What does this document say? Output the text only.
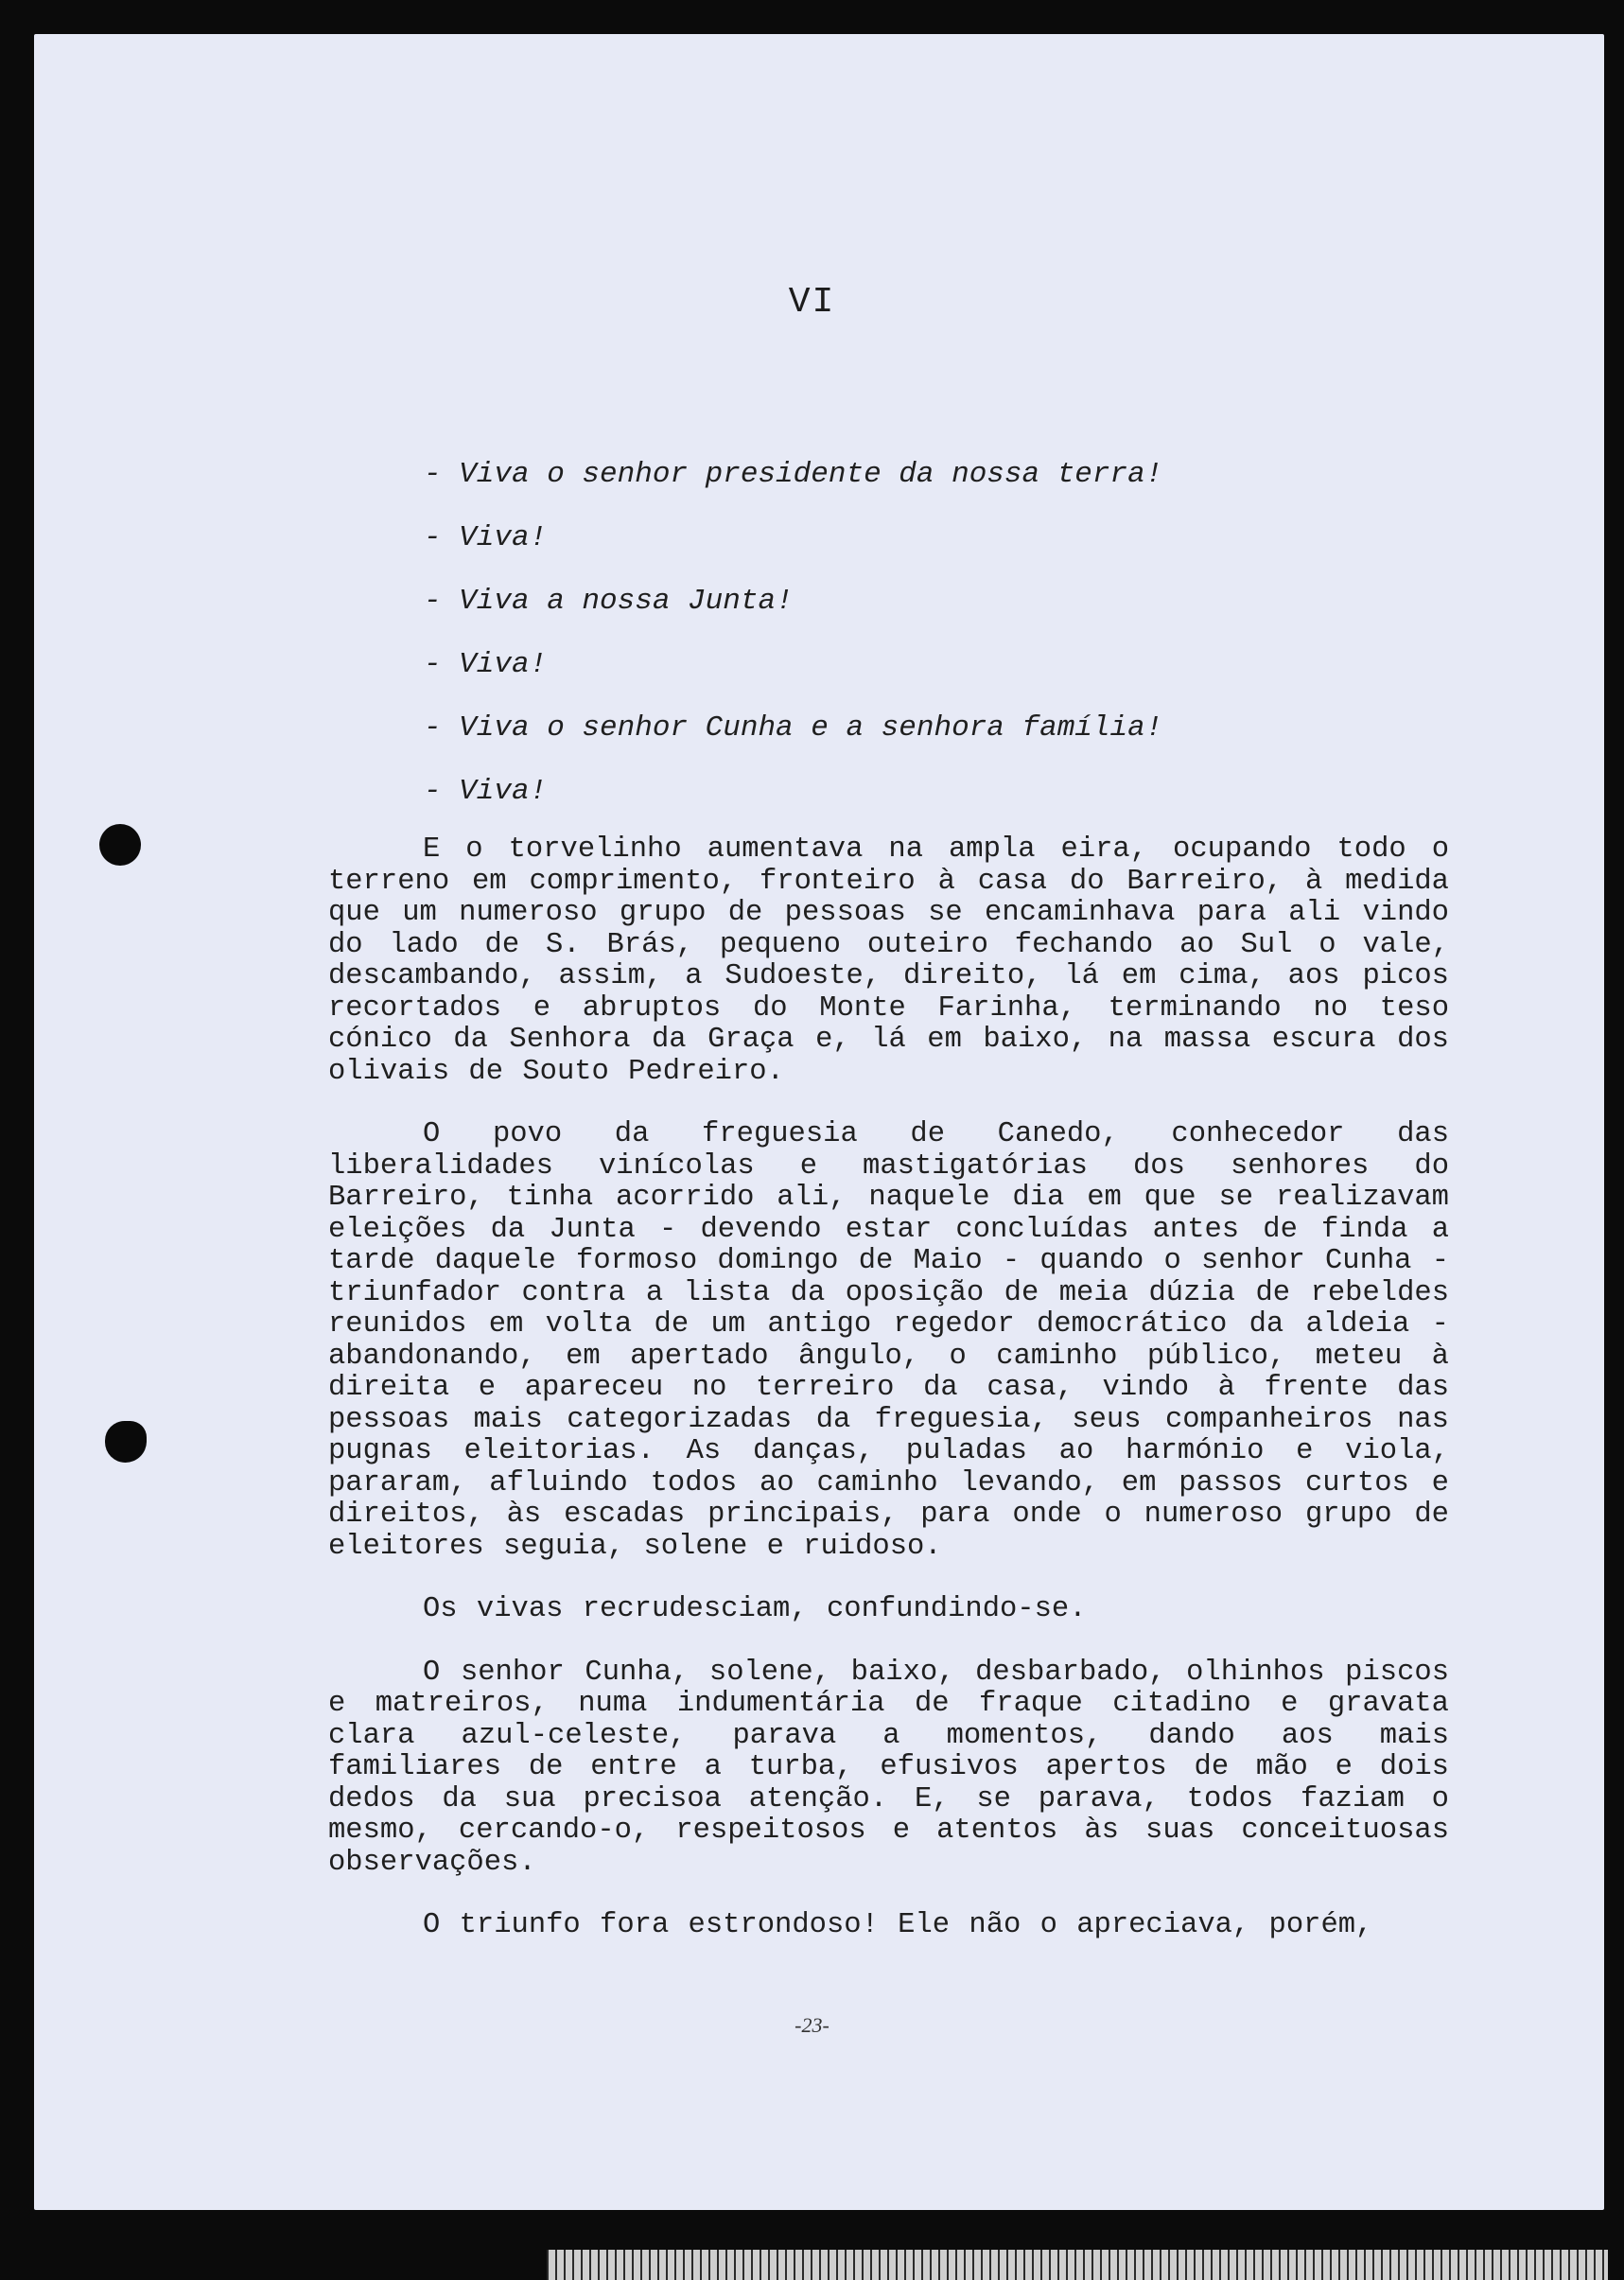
VI
- Viva o senhor presidente da nossa terra!
- Viva!
- Viva a nossa Junta!
- Viva!
- Viva o senhor Cunha e a senhora família!
- Viva!

E o torvelinho aumentava na ampla eira, ocupando todo o terreno em comprimento, fronteiro à casa do Barreiro, à medida que um numeroso grupo de pessoas se encaminhava para ali vindo do lado de S. Brás, pequeno outeiro fechando ao Sul o vale, descambando, assim, a Sudoeste, direito, lá em cima, aos picos recortados e abruptos do Monte Farinha, terminando no teso cónico da Senhora da Graça e, lá em baixo, na massa escura dos olivais de Souto Pedreiro.

O povo da freguesia de Canedo, conhecedor das liberalidades vinícolas e mastigatórias dos senhores do Barreiro, tinha acorrido ali, naquele dia em que se realizavam eleições da Junta - devendo estar concluídas antes de finda a tarde daquele formoso domingo de Maio - quando o senhor Cunha - triunfador contra a lista da oposição de meia dúzia de rebeldes reunidos em volta de um antigo regedor democrático da aldeia - abandonando, em apertado ângulo, o caminho público, meteu à direita e apareceu no terreiro da casa, vindo à frente das pessoas mais categorizadas da freguesia, seus companheiros nas pugnas eleitorias. As danças, puladas ao harmónio e viola, pararam, afluindo todos ao caminho levando, em passos curtos e direitos, às escadas principais, para onde o numeroso grupo de eleitores seguia, solene e ruidoso.

Os vivas recrudesciam, confundindo-se.

O senhor Cunha, solene, baixo, desbarbado, olhinhos piscos e matreiros, numa indumentária de fraque citadino e gravata clara azul-celeste, parava a momentos, dando aos mais familiares de entre a turba, efusivos apertos de mão e dois dedos da sua precisoa atenção. E, se parava, todos faziam o mesmo, cercando-o, respeitosos e atentos às suas conceituosas observações.

O triunfo fora estrondoso! Ele não o apreciava, porém,

-23-
